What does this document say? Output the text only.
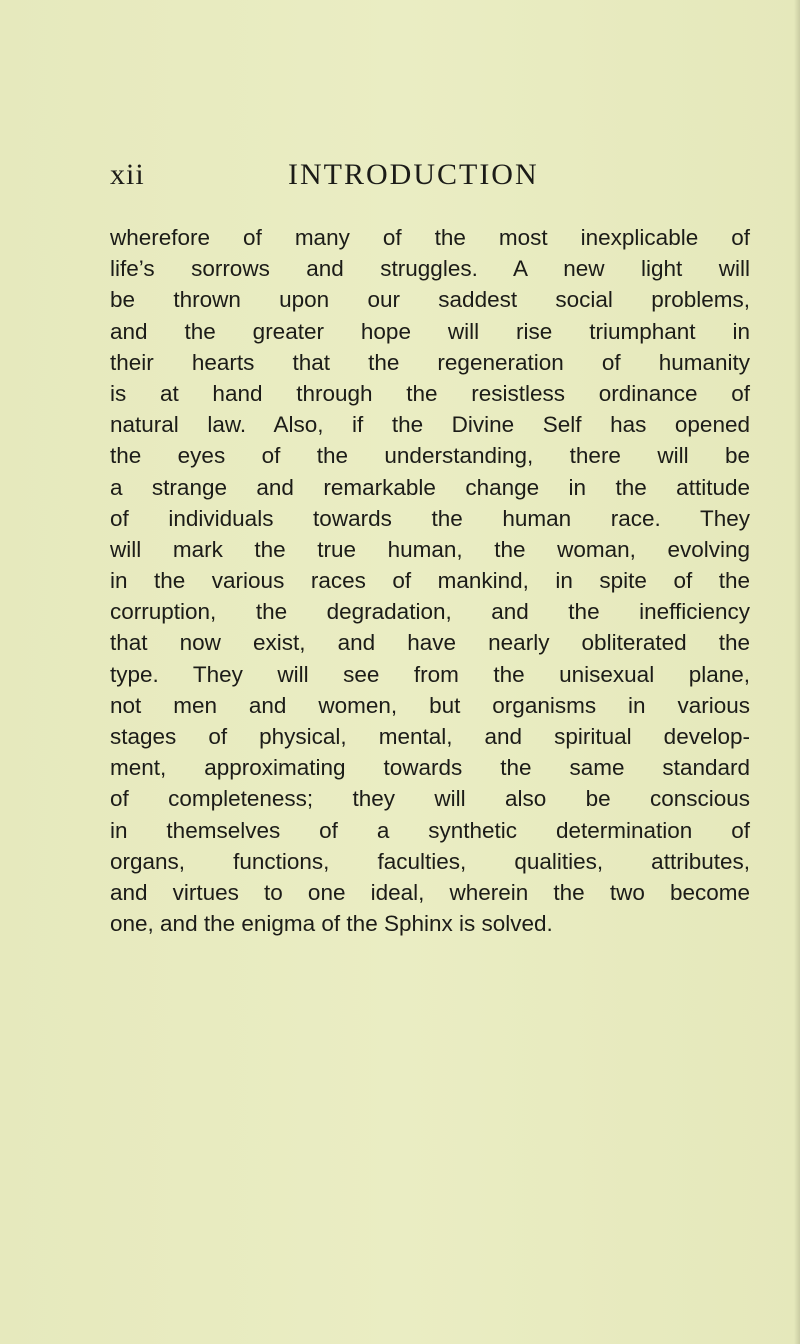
xii	INTRODUCTION
wherefore of many of the most inexplicable of
life’s sorrows and struggles. A new light will
be thrown upon our saddest social problems,
and the greater hope will rise triumphant in
their hearts that the regeneration of humanity
is at hand through the resistless ordinance of
natural law. Also, if the Divine Self has opened
the eyes of the understanding, there will be
a strange and remarkable change in the attitude
of individuals towards the human race. They
will mark the true human, the woman, evolving
in the various races of mankind, in spite of the
corruption, the degradation, and the inefficiency
that now exist, and have nearly obliterated the
type. They will see from the unisexual plane,
not men and women, but organisms in various
stages of physical, mental, and spiritual develop-
ment, approximating towards the same standard
of completeness; they will also be conscious
in themselves of a synthetic determination of
organs, functions, faculties, qualities, attributes,
and virtues to one ideal, wherein the two become
one, and the enigma of the Sphinx is solved.
